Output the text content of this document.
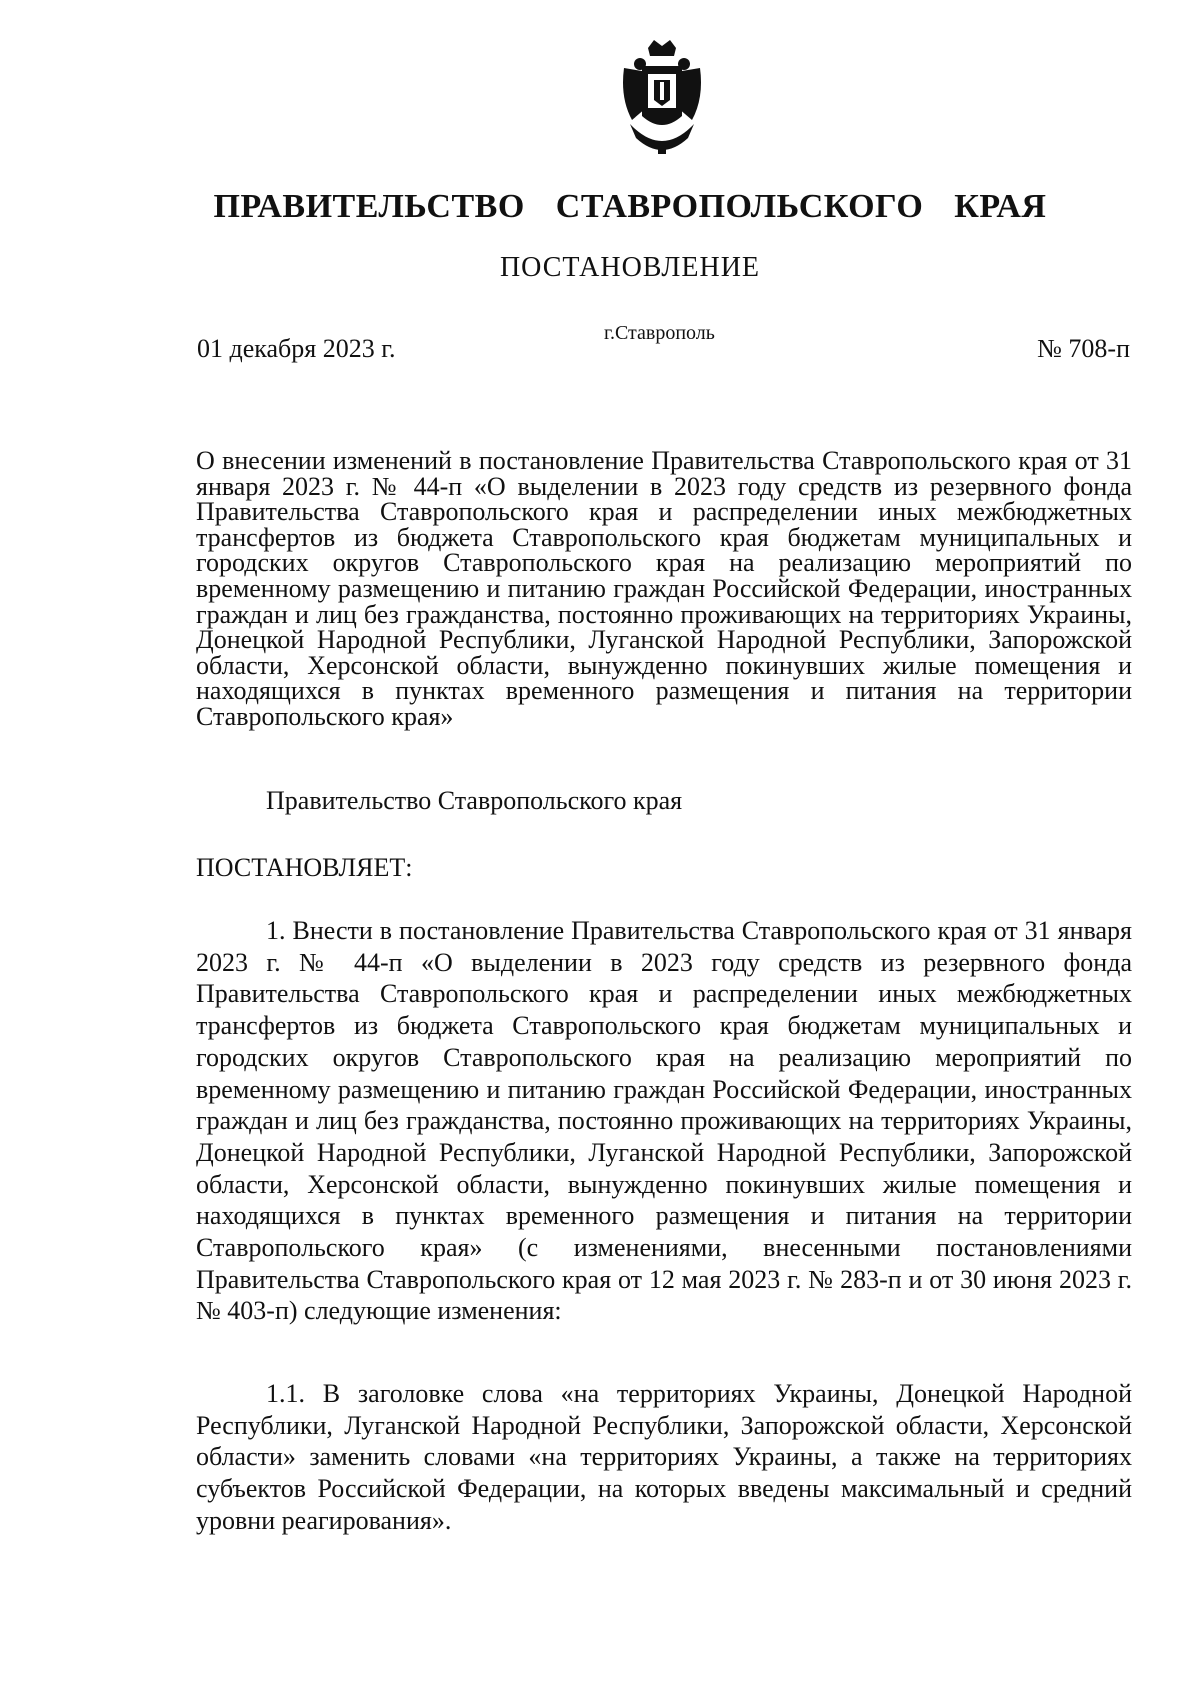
ПРАВИТЕЛЬСТВО СТАВРОПОЛЬСКОГО КРАЯ
ПОСТАНОВЛЕНИЕ
01 декабря 2023 г.
г.Ставрополь
№ 708-п
О внесении изменений в постановление Правительства Ставропольского края от 31 января 2023 г. № 44-п «О выделении в 2023 году средств из резервного фонда Правительства Ставропольского края и распределении иных межбюджетных трансфертов из бюджета Ставропольского края бюджетам муниципальных и городских округов Ставропольского края на реализацию мероприятий по временному размещению и питанию граждан Российской Федерации, иностранных граждан и лиц без гражданства, постоянно проживающих на территориях Украины, Донецкой Народной Республики, Луганской Народной Республики, Запорожской области, Херсонской области, вынужденно покинувших жилые помещения и находящихся в пунктах временного размещения и питания на территории Ставропольского края»
Правительство Ставропольского края
ПОСТАНОВЛЯЕТ:

1. Внести в постановление Правительства Ставропольского края от 31 января 2023 г. № 44-п «О выделении в 2023 году средств из резервного фонда Правительства Ставропольского края и распределении иных межбюджетных трансфертов из бюджета Ставропольского края бюджетам муниципальных и городских округов Ставропольского края на реализацию мероприятий по временному размещению и питанию граждан Российской Федерации, иностранных граждан и лиц без гражданства, постоянно проживающих на территориях Украины, Донецкой Народной Республики, Луганской Народной Республики, Запорожской области, Херсонской области, вынужденно покинувших жилые помещения и находящихся в пунктах временного размещения и питания на территории Ставропольского края» (с изменениями, внесенными постановлениями Правительства Ставропольского края от 12 мая 2023 г. № 283-п и от 30 июня 2023 г. № 403-п) следующие изменения:

1.1. В заголовке слова «на территориях Украины, Донецкой Народной Республики, Луганской Народной Республики, Запорожской области, Херсонской области» заменить словами «на территориях Украины, а также на территориях субъектов Российской Федерации, на которых введены максимальный и средний уровни реагирования».
